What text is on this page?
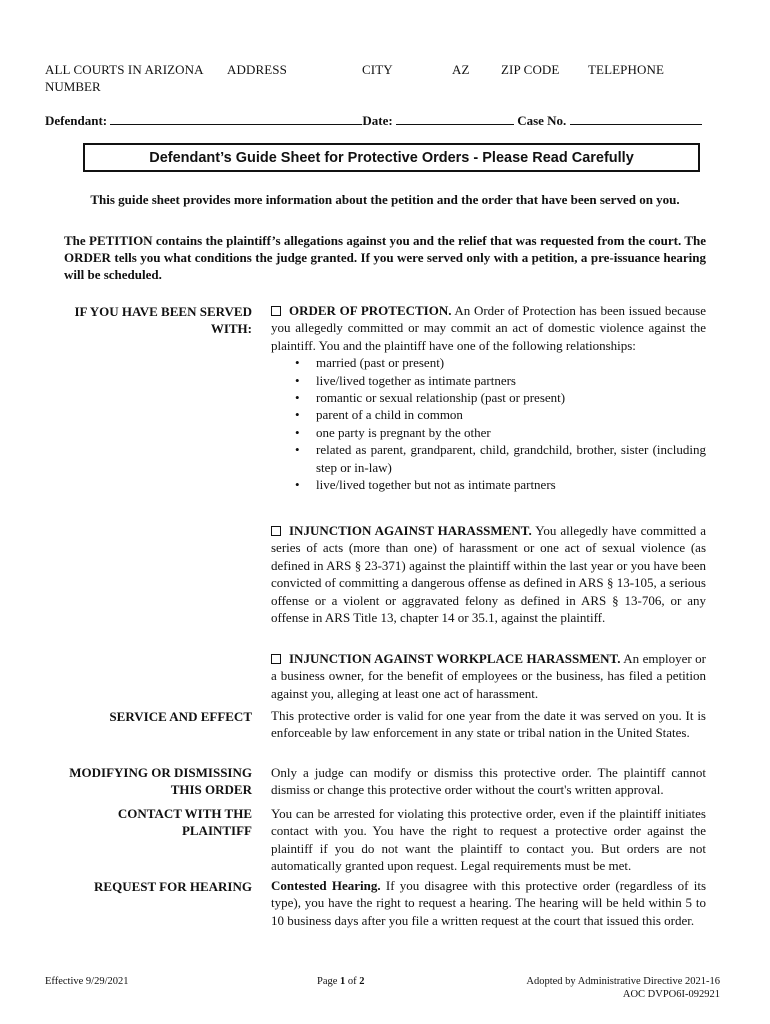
ALL COURTS IN ARIZONA ADDRESS	CITY	AZ ZIP CODE TELEPHONE
NUMBER
Defendant:	Date:	Case No.
Defendant’s Guide Sheet for Protective Orders - Please Read Carefully
This guide sheet provides more information about the petition and the order that have been served on you.
The PETITION contains the plaintiff’s allegations against you and the relief that was requested from the court. The ORDER tells you what conditions the judge granted. If you were served only with a petition, a pre-issuance hearing will be scheduled.
IF YOU HAVE BEEN SERVED WITH:
ORDER OF PROTECTION. An Order of Protection has been issued because you allegedly committed or may commit an act of domestic violence against the plaintiff. You and the plaintiff have one of the following relationships:
• married (past or present)
• live/lived together as intimate partners
• romantic or sexual relationship (past or present)
• parent of a child in common
• one party is pregnant by the other
• related as parent, grandparent, child, grandchild, brother, sister (including step or in-law)
• live/lived together but not as intimate partners
INJUNCTION AGAINST HARASSMENT. You allegedly have committed a series of acts (more than one) of harassment or one act of sexual violence (as defined in ARS § 23-371) against the plaintiff within the last year or you have been convicted of committing a dangerous offense as defined in ARS § 13-105, a serious offense or a violent or aggravated felony as defined in ARS § 13-706, or any offense in ARS Title 13, chapter 14 or 35.1, against the plaintiff.
INJUNCTION AGAINST WORKPLACE HARASSMENT. An employer or a business owner, for the benefit of employees or the business, has filed a petition against you, alleging at least one act of harassment.
SERVICE AND EFFECT This protective order is valid for one year from the date it was served on you. It is enforceable by law enforcement in any state or tribal nation in the United States.
MODIFYING OR DISMISSING THIS ORDER
Only a judge can modify or dismiss this protective order. The plaintiff cannot dismiss or change this protective order without the court's written approval.
CONTACT WITH THE PLAINTIFF
You can be arrested for violating this protective order, even if the plaintiff initiates contact with you. You have the right to request a protective order against the plaintiff if you do not want the plaintiff to contact you. But orders are not automatically granted upon request. Legal requirements must be met.
REQUEST FOR HEARING Contested Hearing. If you disagree with this protective order (regardless of its type), you have the right to request a hearing. The hearing will be held within 5 to 10 business days after you file a written request at the court that issued this order.
Effective 9/29/2021	Page 1 of 2	Adopted by Administrative Directive 2021-16
AOC DVPO6I-092921
